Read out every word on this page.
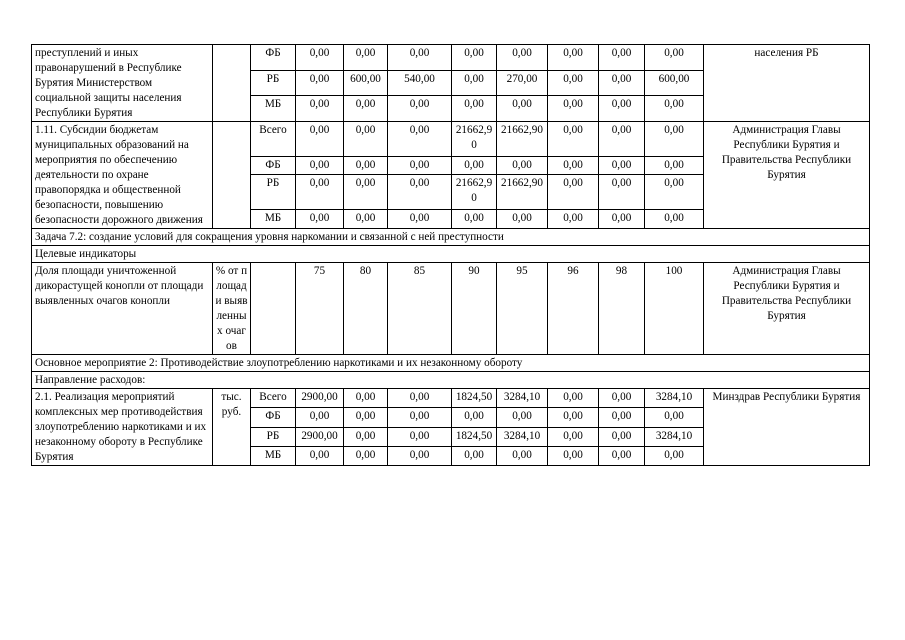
преступлений и иных правонарушений в Республике Бурятия Министерством социальной защиты населения Республики Бурятия		ФБ	0,00	0,00	0,00	0,00	0,00	0,00	0,00	0,00	населения РБ
		РБ	0,00	600,00	540,00	0,00	270,00	0,00	0,00	600,00	
		МБ	0,00	0,00	0,00	0,00	0,00	0,00	0,00	0,00	
1.11. Субсидии бюджетам муниципальных образований на мероприятия по обеспечению деятельности по охране правопорядка и общественной безопасности, повышению безопасности дорожного движения		Всего	0,00	0,00	0,00	21662,90	21662,90	0,00	0,00	0,00	Администрация Главы Республики Бурятия и Правительства Республики Бурятия
		ФБ	0,00	0,00	0,00	0,00	0,00	0,00	0,00	0,00	
		РБ	0,00	0,00	0,00	21662,90	21662,90	0,00	0,00	0,00	
		МБ	0,00	0,00	0,00	0,00	0,00	0,00	0,00	0,00	
Задача 7.2: создание условий для сокращения уровня наркомании и связанной с ней преступности											
Целевые индикаторы											
Доля площади уничтоженной дикорастущей конопли от площади выявленных очагов конопли	% от площади выявленных очагов		75	80	85	90	95	96	98	100	Администрация Главы Республики Бурятия и Правительства Республики Бурятия
Основное мероприятие 2: Противодействие злоупотреблению наркотиками и их незаконному обороту											
Направление расходов:											
2.1. Реализация мероприятий комплексных мер противодействия злоупотреблению наркотиками и их незаконному обороту в Республике Бурятия	тыс. руб.	Всего	2900,00	0,00	0,00	1824,50	3284,10	0,00	0,00	3284,10	Минздрав Республики Бурятия
		ФБ	0,00	0,00	0,00	0,00	0,00	0,00	0,00	0,00	
		РБ	2900,00	0,00	0,00	1824,50	3284,10	0,00	0,00	3284,10	
		МБ	0,00	0,00	0,00	0,00	0,00	0,00	0,00	0,00	
